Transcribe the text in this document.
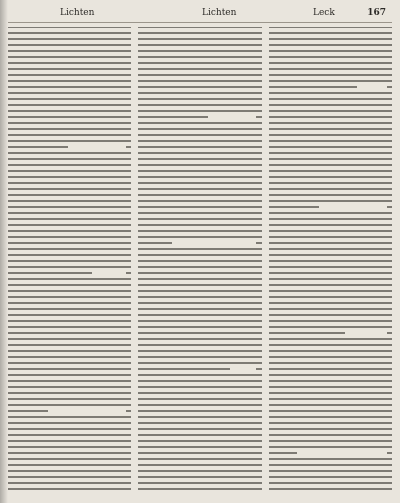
Lichten	Lichten	Leck	167
